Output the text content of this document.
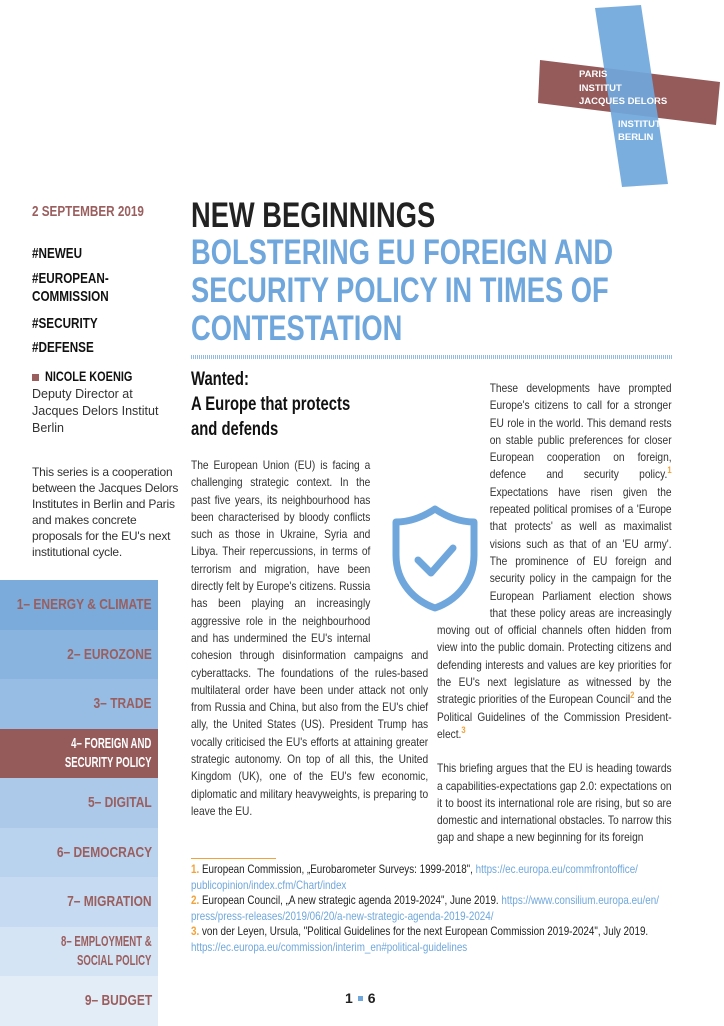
PARIS
INSTITUT
JACQUES DELORS
INSTITUTE
BERLIN
2 SEPTEMBER 2019
#NEWEU
#EUROPEAN-
COMMISSION
#SECURITY
#DEFENSE
NICOLE KOENIG
Deputy Director at
Jacques Delors Institut
Berlin
This series is a cooperation between the Jacques Delors Institutes in Berlin and Paris and makes concrete proposals for the EU's next institutional cycle.
1– ENERGY & CLIMATE
2– EUROZONE
3– TRADE
4– FOREIGN AND
SECURITY POLICY
5– DIGITAL
6– DEMOCRACY
7– MIGRATION
8– EMPLOYMENT &
SOCIAL POLICY
9– BUDGET
NEW BEGINNINGS
BOLSTERING EU FOREIGN AND
SECURITY POLICY IN TIMES OF
CONTESTATION
Wanted:
A Europe that protects
and defends

The European Union (EU) is facing a challenging strategic context. In the past five years, its neighbourhood has been characterised by bloody conflicts such as those in Ukraine, Syria and Libya. Their repercussions, in terms of terrorism and migration, have been directly felt by Europe's citizens. Russia has been playing an increasingly aggressive role in the neighbourhood and has undermined the EU's internal cohesion through disinformation campaigns and cyberattacks. The foundations of the rules-based multilateral order have been under attack not only from Russia and China, but also from the EU's chief ally, the United States (US). President Trump has vocally criticised the EU's efforts at attaining greater strategic autonomy. On top of all this, the United Kingdom (UK), one of the EU's few economic, diplomatic and military heavyweights, is preparing to leave the EU.

These developments have prompted Europe's citizens to call for a stronger EU role in the world. This demand rests on stable public preferences for closer European cooperation on foreign, defence and security policy.$^1$ Expectations have risen given the repeated political promises of a 'Europe that protects' as well as maximalist visions such as that of an 'EU army'. The prominence of EU foreign and security policy in the campaign for the European Parliament election shows that these policy areas are increasingly moving out of official channels often hidden from view into the public domain. Protecting citizens and defending interests and values are key priorities for the EU's next legislature as witnessed by the strategic priorities of the European Council$^2$ and the Political Guidelines of the Commission President-elect.$^3$

This briefing argues that the EU is heading towards a capabilities-expectations gap 2.0: expectations on it to boost its international role are rising, but so are domestic and international obstacles. To narrow this gap and shape a new beginning for its foreign

1. European Commission, „Eurobarometer Surveys: 1999-2018", https://ec.europa.eu/commfrontoffice/
publicopinion/index.cfm/Chart/index
2. European Council, „A new strategic agenda 2019-2024", June 2019. https://www.consilium.europa.eu/en/
press/press-releases/2019/06/20/a-new-strategic-agenda-2019-2024/
3. von der Leyen, Ursula, "Political Guidelines for the next European Commission 2019-2024", July 2019.
https://ec.europa.eu/commission/interim_en#political-guidelines
1 6
